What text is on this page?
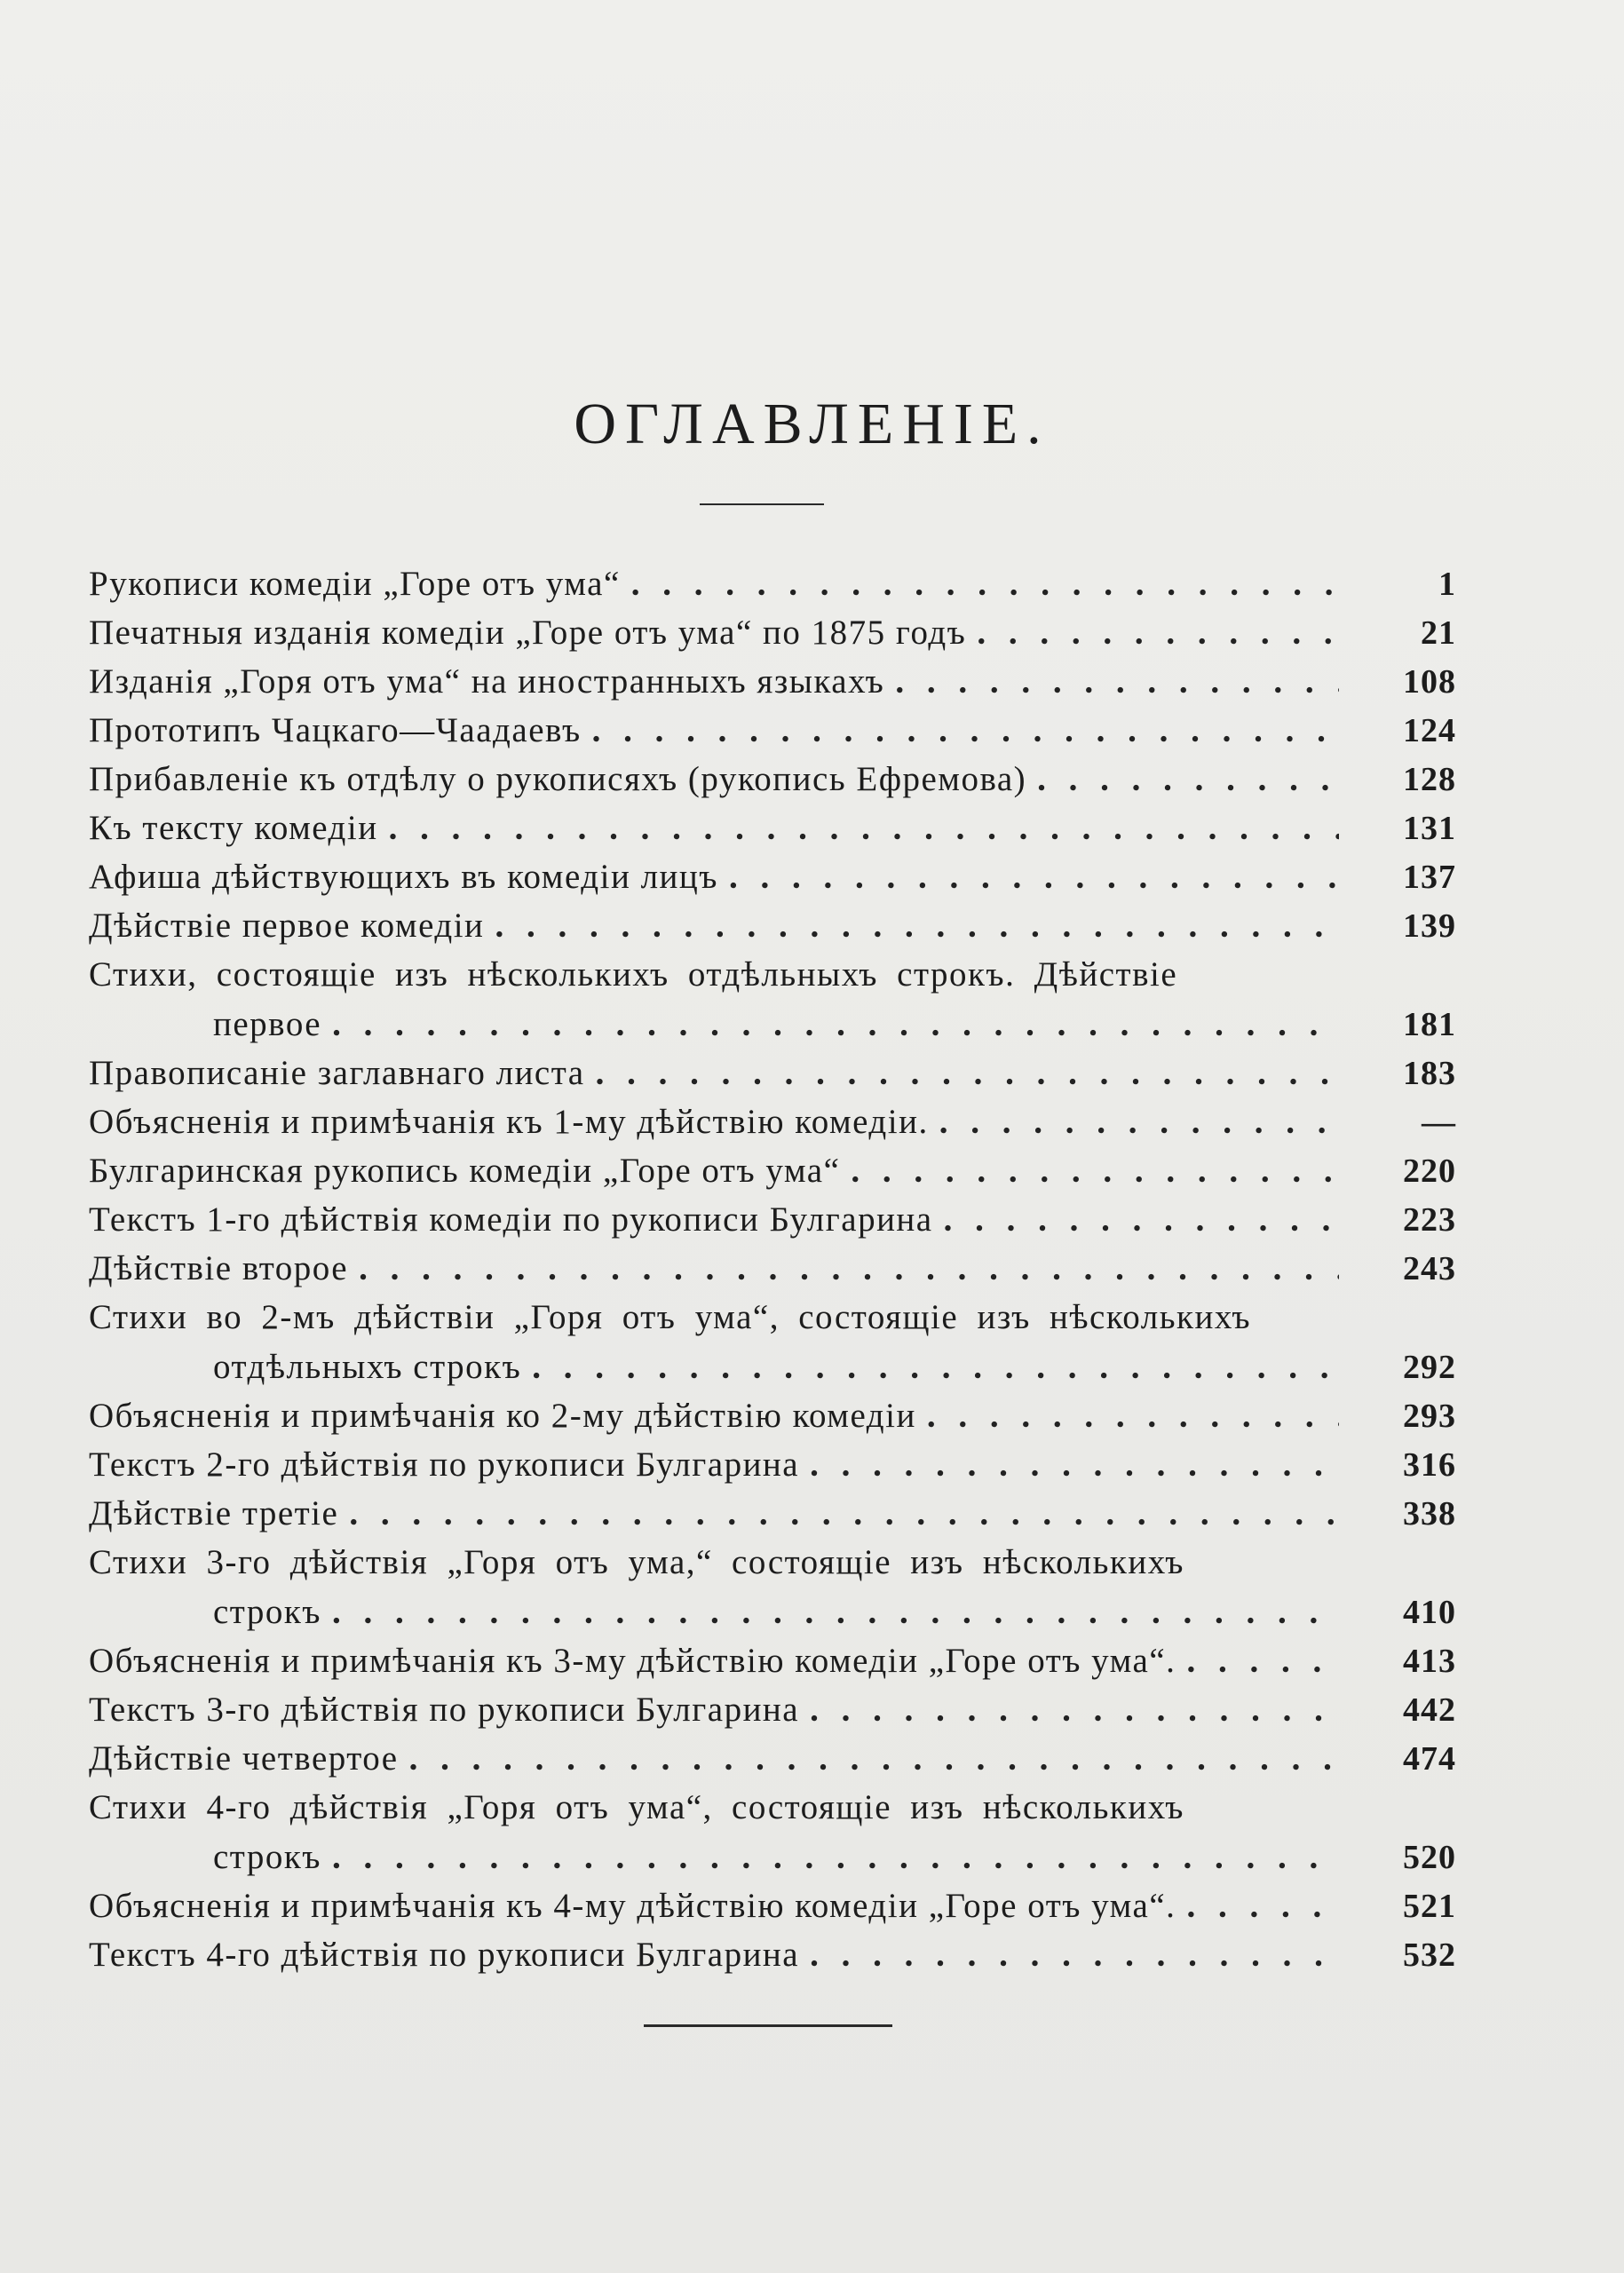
ОГЛАВЛЕНІЕ.
Рукописи комедіи „Горе отъ ума“ . . .	1
Печатныя изданія комедіи „Горе отъ ума“ по 1875 годъ . . .	21
Изданія „Горя отъ ума“ на иностранныхъ языкахъ . . .	108
Прототипъ Чацкаго—Чаадаевъ . . .	124
Прибавленіе къ отдѣлу о рукописяхъ (рукопись Ефремова) . . .	128
Къ тексту комедіи . . .	131
Афиша дѣйствующихъ въ комедіи лицъ . . .	137
Дѣйствіе первое комедіи . . .	139
Стихи, состоящіе изъ нѣсколькихъ отдѣльныхъ строкъ. Дѣйствіе
первое . . .	181
Правописаніе заглавнаго листа . . .	183
Объясненія и примѣчанія къ 1-му дѣйствію комедіи. . . .	—
Булгаринская рукопись комедіи „Горе отъ ума“ . . .	220
Текстъ 1-го дѣйствія комедіи по рукописи Булгарина . . .	223
Дѣйствіе второе . . .	243
Стихи во 2-мъ дѣйствіи „Горя отъ ума“, состоящіе изъ нѣсколькихъ
отдѣльныхъ строкъ . . .	292
Объясненія и примѣчанія ко 2-му дѣйствію комедіи . . .	293
Текстъ 2-го дѣйствія по рукописи Булгарина . . .	316
Дѣйствіе третіе . . .	338
Стихи 3-го дѣйствія „Горя отъ ума,“ состоящіе изъ нѣсколькихъ
строкъ . . .	410
Объясненія и примѣчанія къ 3-му дѣйствію комедіи „Горе отъ ума“. . . .	413
Текстъ 3-го дѣйствія по рукописи Булгарина . . .	442
Дѣйствіе четвертое . . .	474
Стихи 4-го дѣйствія „Горя отъ ума“, состоящіе изъ нѣсколькихъ
строкъ . . .	520
Объясненія и примѣчанія къ 4-му дѣйствію комедіи „Горе отъ ума“. . . .	521
Текстъ 4-го дѣйствія по рукописи Булгарина . . .	532
